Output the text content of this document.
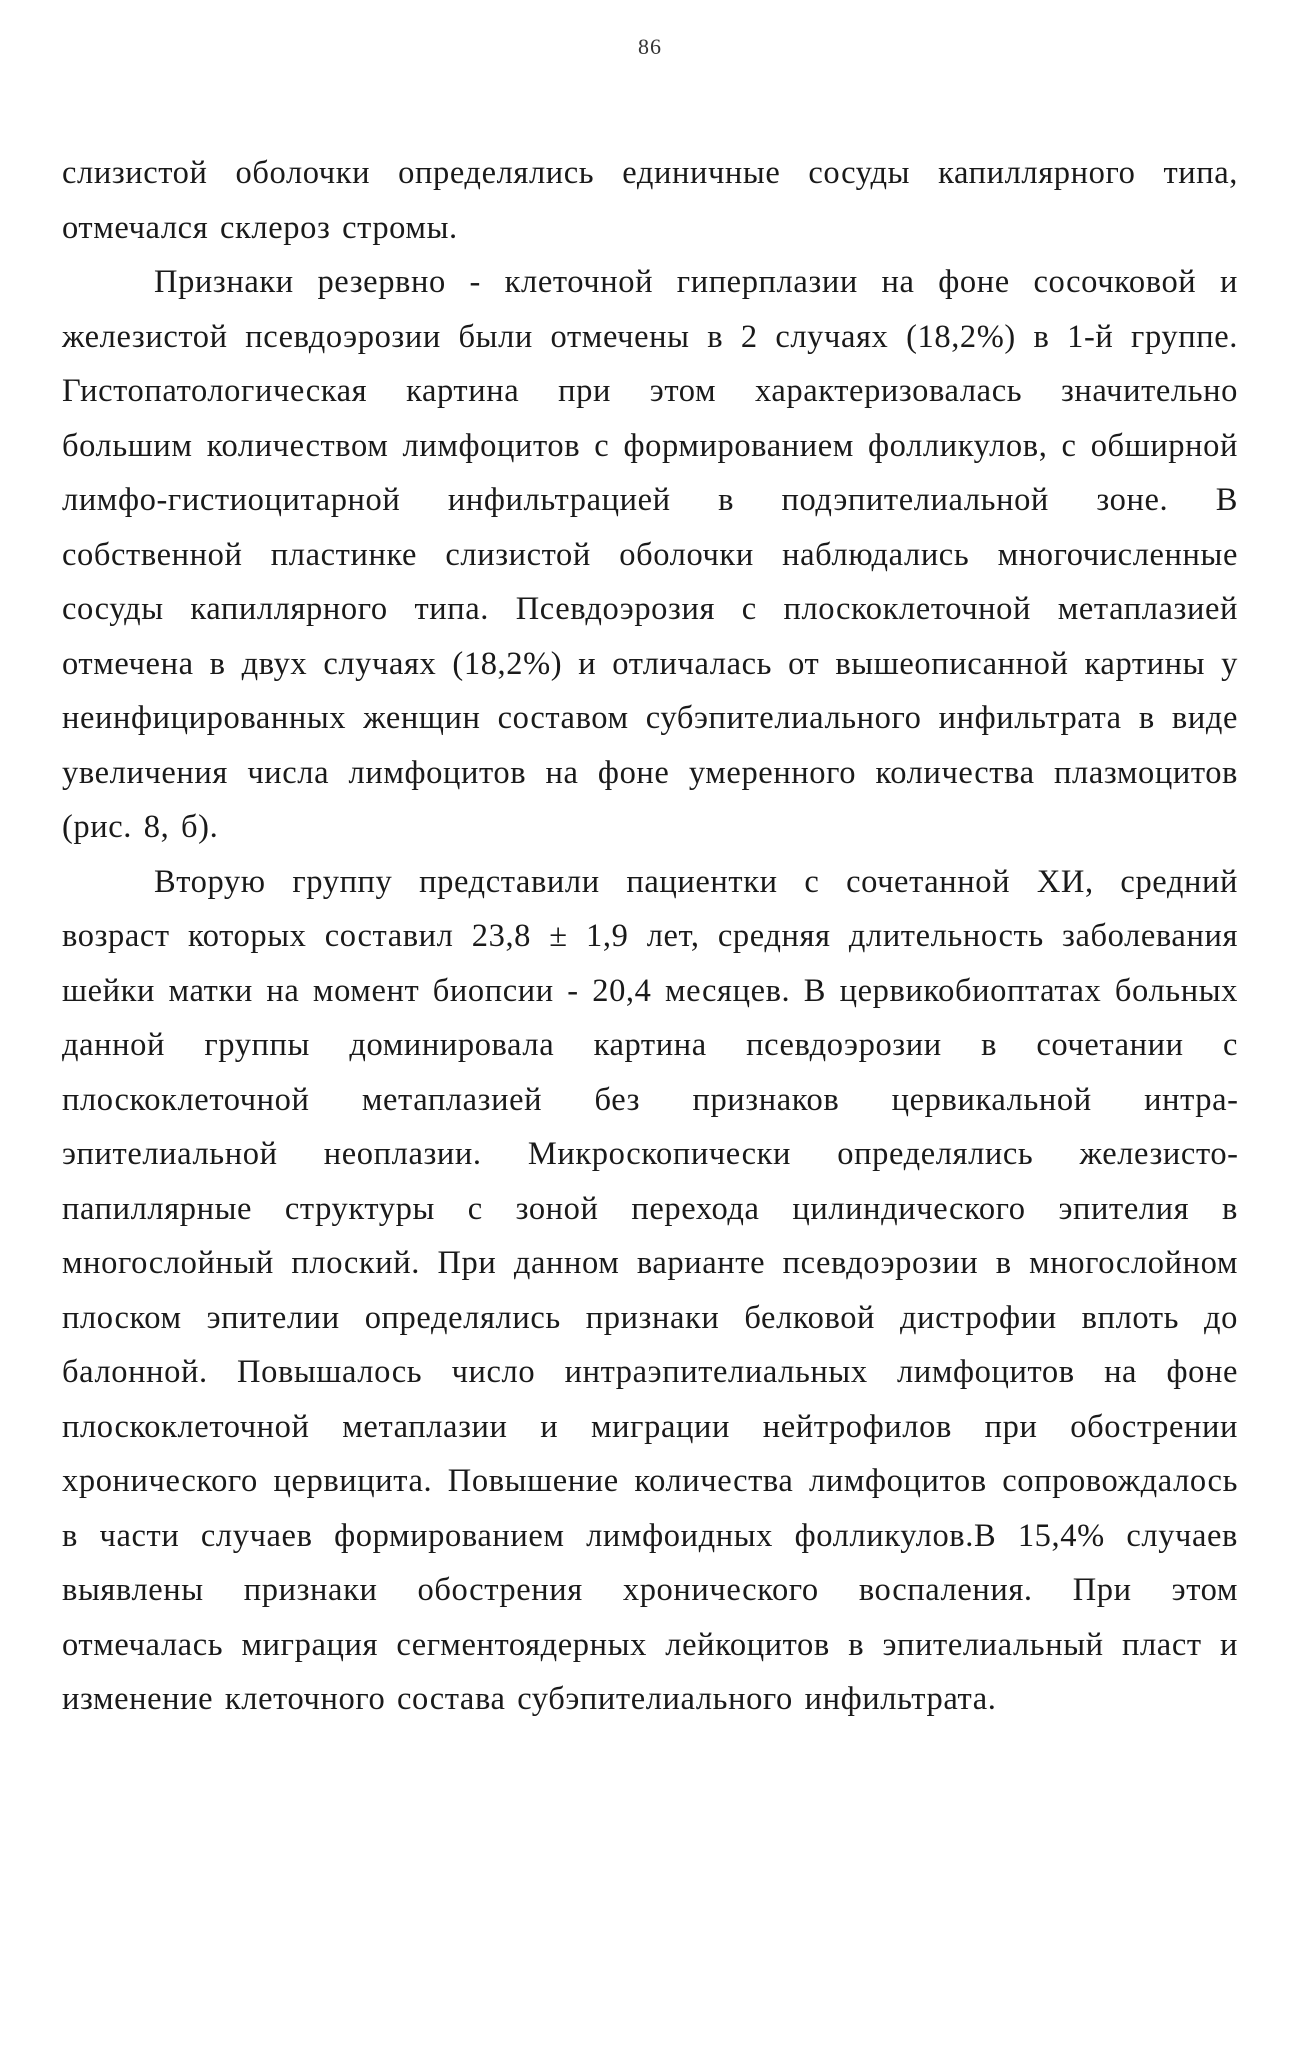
86

слизистой оболочки определялись единичные сосуды капиллярного типа, отмечался склероз стромы.

Признаки резервно - клеточной гиперплазии на фоне сосочковой и железистой псевдоэрозии были отмечены в 2 случаях (18,2%) в 1-й группе. Гистопатологическая картина при этом характеризовалась значительно большим количеством лимфоцитов с формированием фолликулов, с обширной лимфо-гистиоцитарной инфильтрацией в подэпителиальной зоне. В собственной пластинке слизистой оболочки наблюдались многочисленные сосуды капиллярного типа. Псевдоэрозия с плоскоклеточной метаплазией отмечена в двух случаях (18,2%) и отличалась от вышеописанной картины у неинфицированных женщин составом субэпителиального инфильтрата в виде увеличения числа лимфоцитов на фоне умеренного количества плазмоцитов (рис. 8, б).

Вторую группу представили пациентки с сочетанной ХИ, средний возраст которых составил 23,8 ± 1,9 лет, средняя длительность заболевания шейки матки на момент биопсии - 20,4 месяцев. В цервикобиоптатах больных данной группы доминировала картина псевдоэрозии в сочетании с плоскоклеточной метаплазией без признаков цервикальной интраэпителиальной неоплазии. Микроскопически определялись железистопапиллярные структуры с зоной перехода цилиндического эпителия в многослойный плоский. При данном варианте псевдоэрозии в многослойном плоском эпителии определялись признаки белковой дистрофии вплоть до балонной. Повышалось число интраэпителиальных лимфоцитов на фоне плоскоклеточной метаплазии и миграции нейтрофилов при обострении хронического цервицита. Повышение количества лимфоцитов сопровождалось в части случаев формированием лимфоидных фолликулов.В 15,4% случаев выявлены признаки обострения хронического воспаления. При этом отмечалась миграция сегментоядерных лейкоцитов в эпителиальный пласт и изменение клеточного состава субэпителиального инфильтрата.
